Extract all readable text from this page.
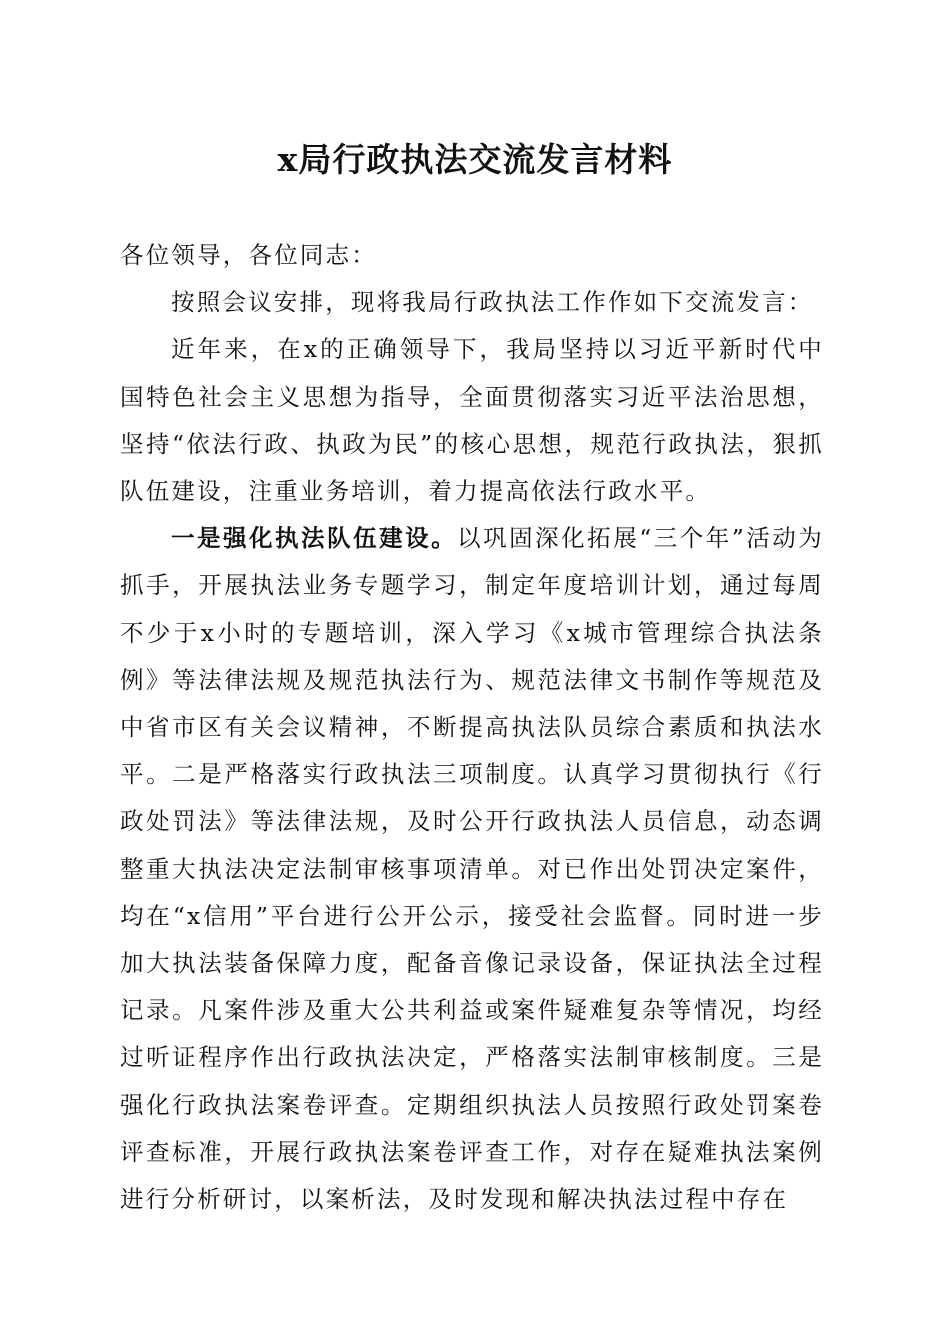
x局行政执法交流发言材料

各位领导，各位同志：

按照会议安排，现将我局行政执法工作作如下交流发言：

近年来，在x的正确领导下，我局坚持以习近平新时代中国特色社会主义思想为指导，全面贯彻落实习近平法治思想，坚持“依法行政、执政为民”的核心思想，规范行政执法，狠抓队伍建设，注重业务培训，着力提高依法行政水平。

一是强化执法队伍建设。以巩固深化拓展“三个年”活动为抓手，开展执法业务专题学习，制定年度培训计划，通过每周不少于x小时的专题培训，深入学习《x城市管理综合执法条例》等法律法规及规范执法行为、规范法律文书制作等规范及中省市区有关会议精神，不断提高执法队员综合素质和执法水平。二是严格落实行政执法三项制度。认真学习贯彻执行《行政处罚法》等法律法规，及时公开行政执法人员信息，动态调整重大执法决定法制审核事项清单。对已作出处罚决定案件，均在“x信用”平台进行公开公示，接受社会监督。同时进一步加大执法装备保障力度，配备音像记录设备，保证执法全过程记录。凡案件涉及重大公共利益或案件疑难复杂等情况，均经过听证程序作出行政执法决定，严格落实法制审核制度。三是强化行政执法案卷评查。定期组织执法人员按照行政处罚案卷评查标准，开展行政执法案卷评查工作，对存在疑难执法案例进行分析研讨，以案析法，及时发现和解决执法过程中存在
